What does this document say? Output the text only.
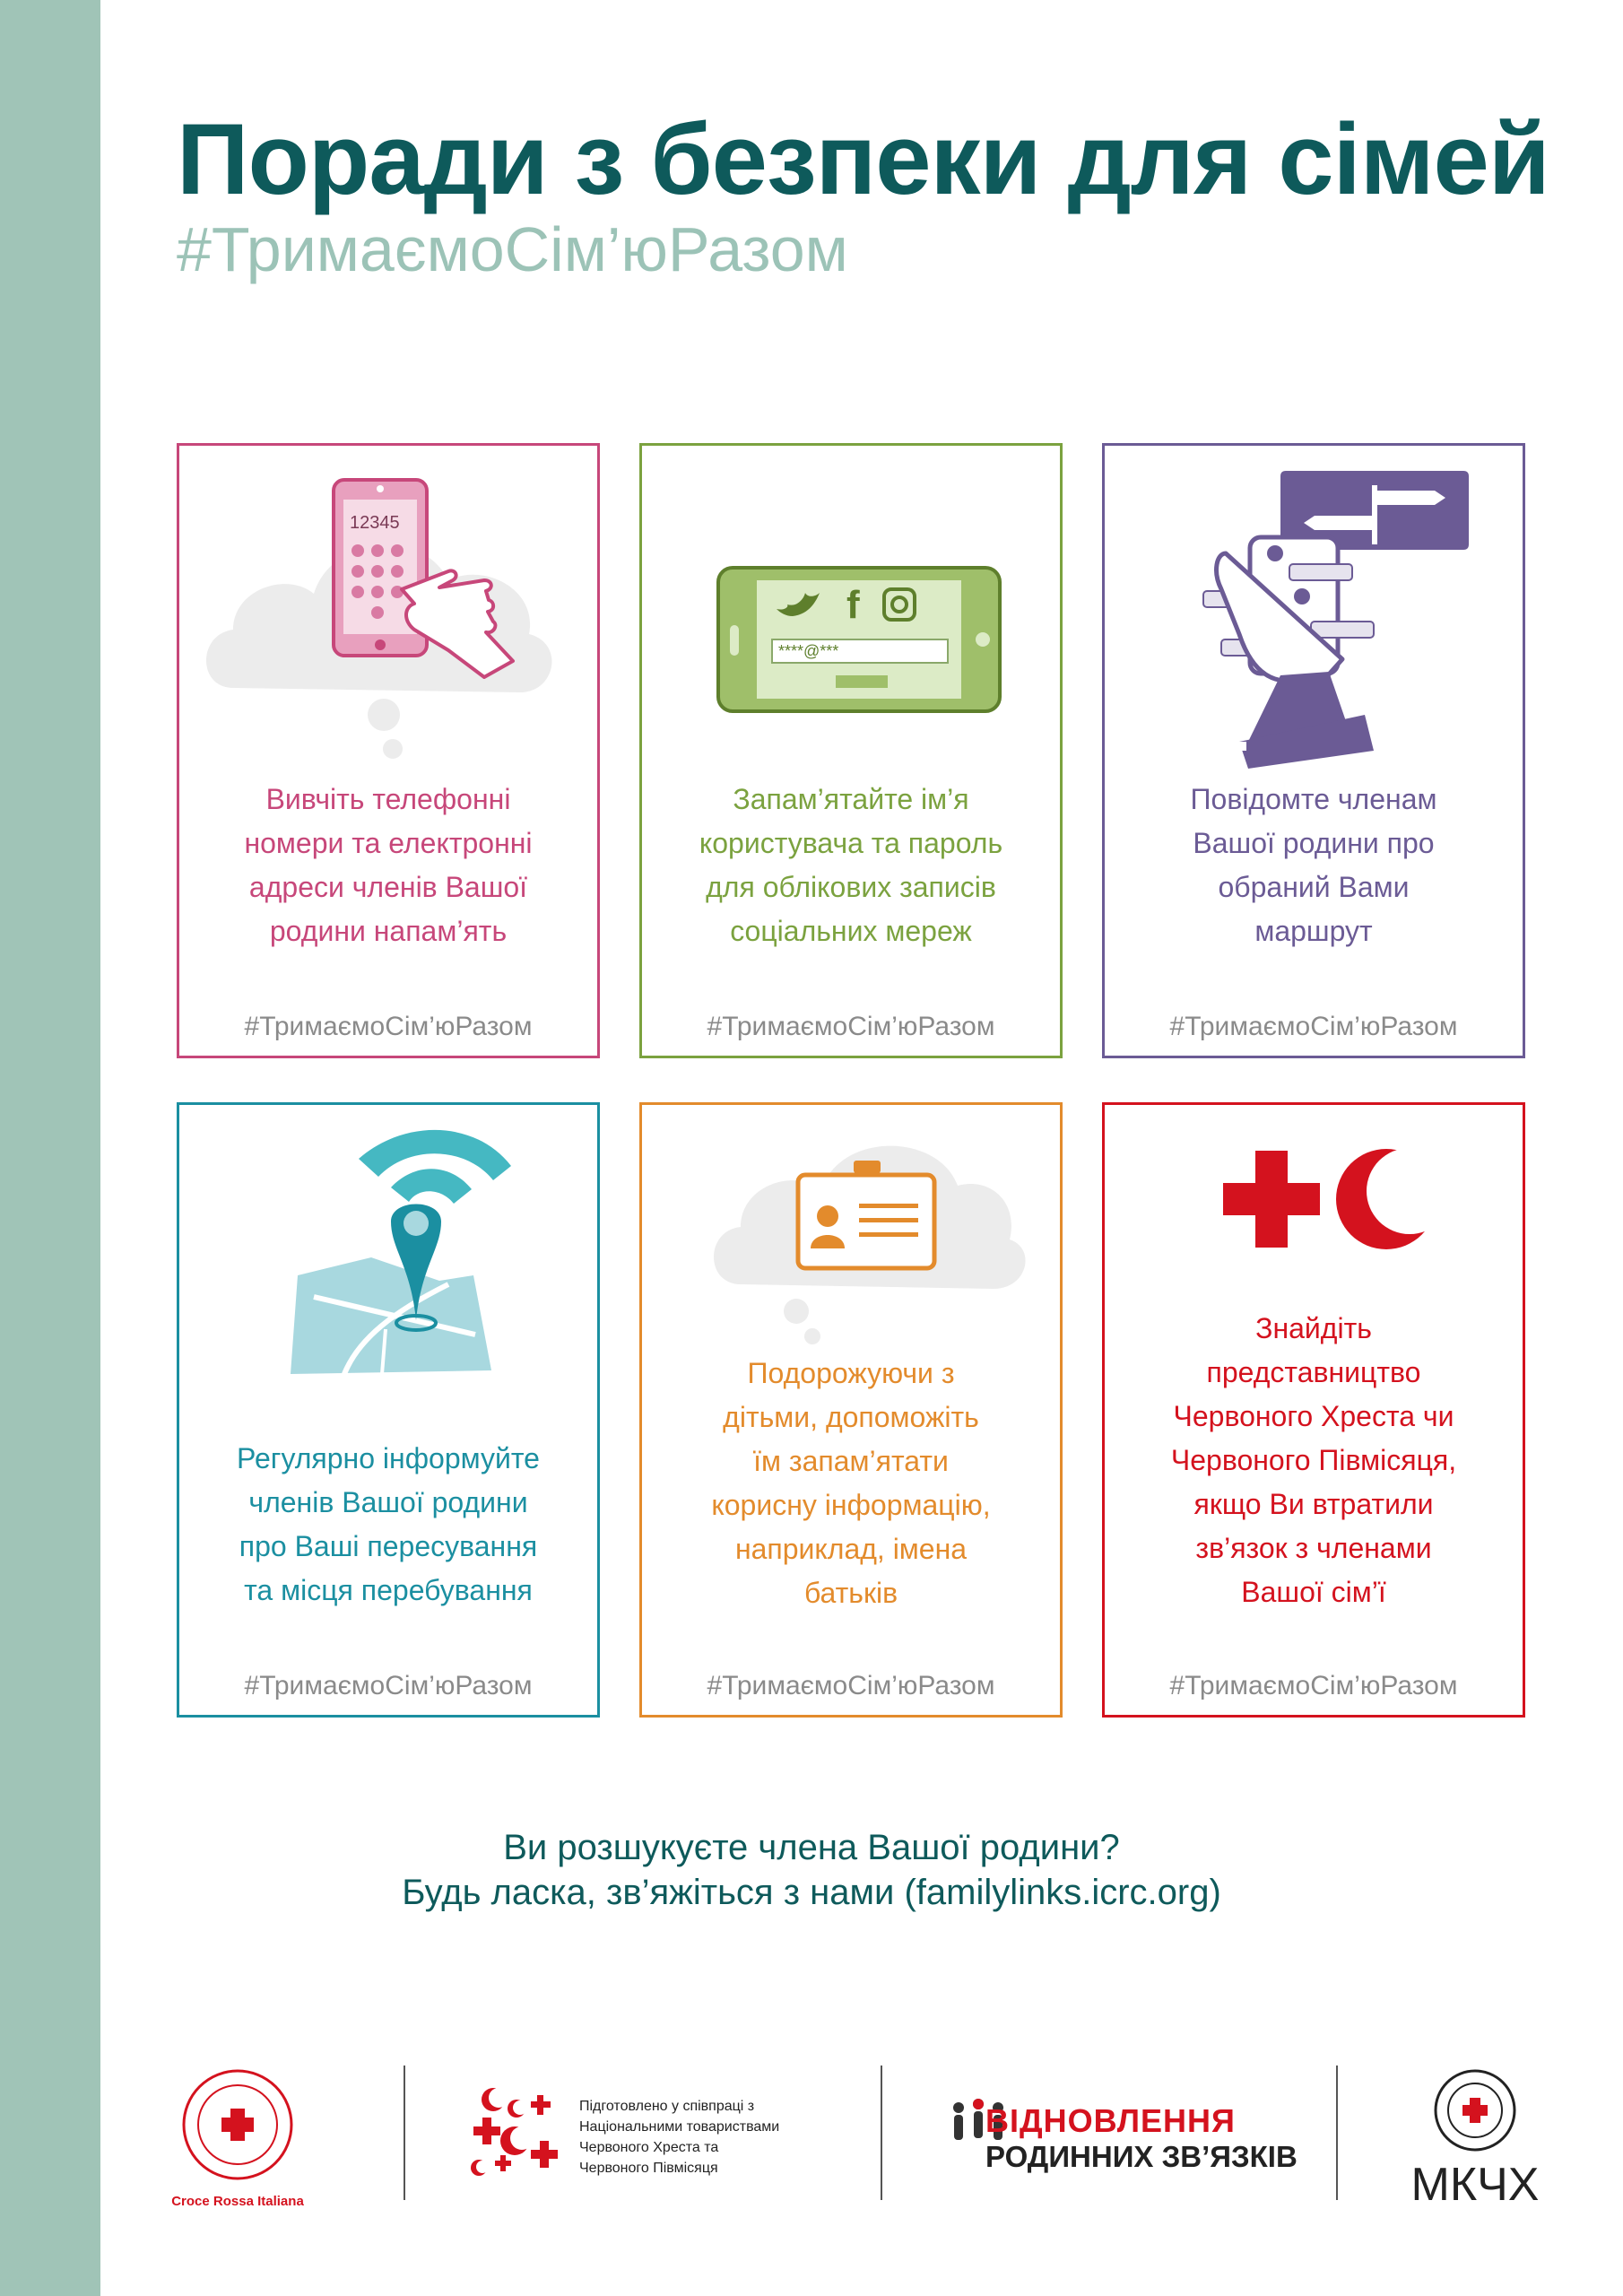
Поради з безпеки для сімей
#ТримаємоСім’юРазом
12345
Вивчіть телефонні
номери та електронні
адреси членів Вашої
родини напам’ять
#ТримаємоСім’юРазом
f
****@***
Запам’ятайте ім’я
користувача та пароль
для облікових записів
соціальних мереж
#ТримаємоСім’юРазом
Повідомте членам
Вашої родини про
обраний Вами
маршрут
#ТримаємоСім’юРазом
Регулярно інформуйте
членів Вашої родини
про Ваші пересування
та місця перебування
#ТримаємоСім’юРазом
Подорожуючи з
дітьми, допоможіть
їм запам’ятати
корисну інформацію,
наприклад, імена
батьків
#ТримаємоСім’юРазом
Знайдіть
представництво
Червоного Хреста чи
Червоного Півмісяця,
якщо Ви втратили
зв’язок з членами
Вашої сім’ї
#ТримаємоСім’юРазом
Ви розшукуєте члена Вашої родини?
Будь ласка, зв’яжіться з нами (familylinks.icrc.org)
Croce Rossa Italiana
Підготовлено у співпраці з
Національними товариствами
Червоного Хреста та
Червоного Півмісяця
ВІДНОВЛЕННЯ
РОДИННИХ ЗВ’ЯЗКІВ
МКЧХ
